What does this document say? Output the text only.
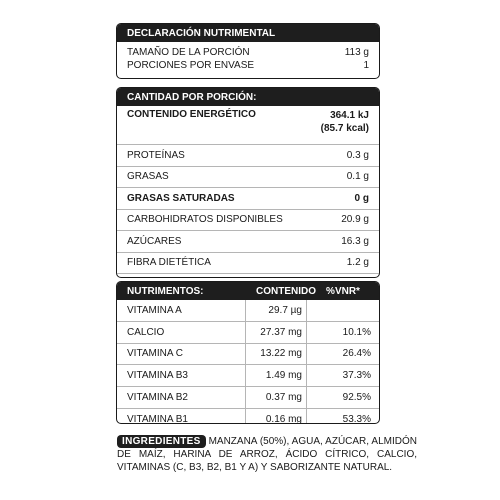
DECLARACIÓN NUTRIMENTAL
TAMAÑO DE LA PORCIÓN	113 g
PORCIONES POR ENVASE	1
CANTIDAD POR PORCIÓN:
CONTENIDO ENERGÉTICO	364.1 kJ
(85.7 kcal)
PROTEÍNAS	0.3 g
GRASAS	0.1 g
GRASAS SATURADAS	0 g
CARBOHIDRATOS DISPONIBLES	20.9 g
AZÚCARES	16.3 g
FIBRA DIETÉTICA	1.2 g
NUTRIMENTOS:	CONTENIDO	%VNR*
VITAMINA A	29.7 µg
CALCIO	27.37 mg	10.1%
VITAMINA C	13.22 mg	26.4%
VITAMINA B3	1.49 mg	37.3%
VITAMINA B2	0.37 mg	92.5%
VITAMINA B1	0.16 mg	53.3%
INGREDIENTES MANZANA (50%), AGUA, AZÚCAR, ALMIDÓN DE MAÍZ, HARINA DE ARROZ, ÁCIDO CÍTRICO, CALCIO, VITAMINAS (C, B3, B2, B1 Y A) Y SABORIZANTE NATURAL.
